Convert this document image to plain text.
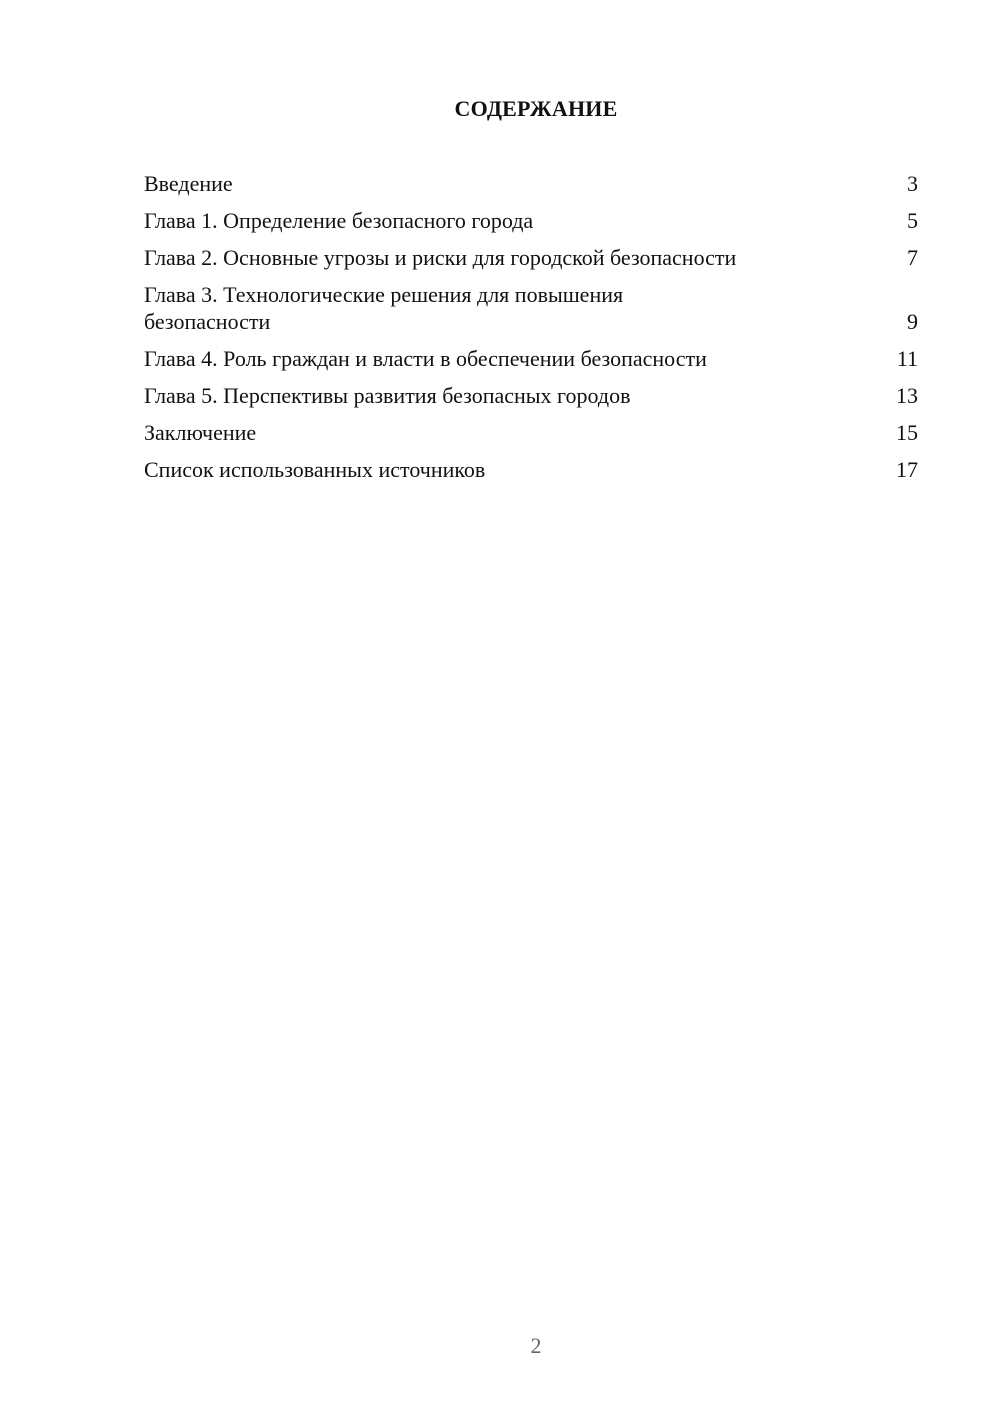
СОДЕРЖАНИЕ
Введение	3
Глава 1. Определение безопасного города	5
Глава 2. Основные угрозы и риски для городской безопасности	7
Глава 3. Технологические решения для повышения безопасности	9
Глава 4. Роль граждан и власти в обеспечении безопасности	11
Глава 5. Перспективы развития безопасных городов	13
Заключение	15
Список использованных источников	17
2
